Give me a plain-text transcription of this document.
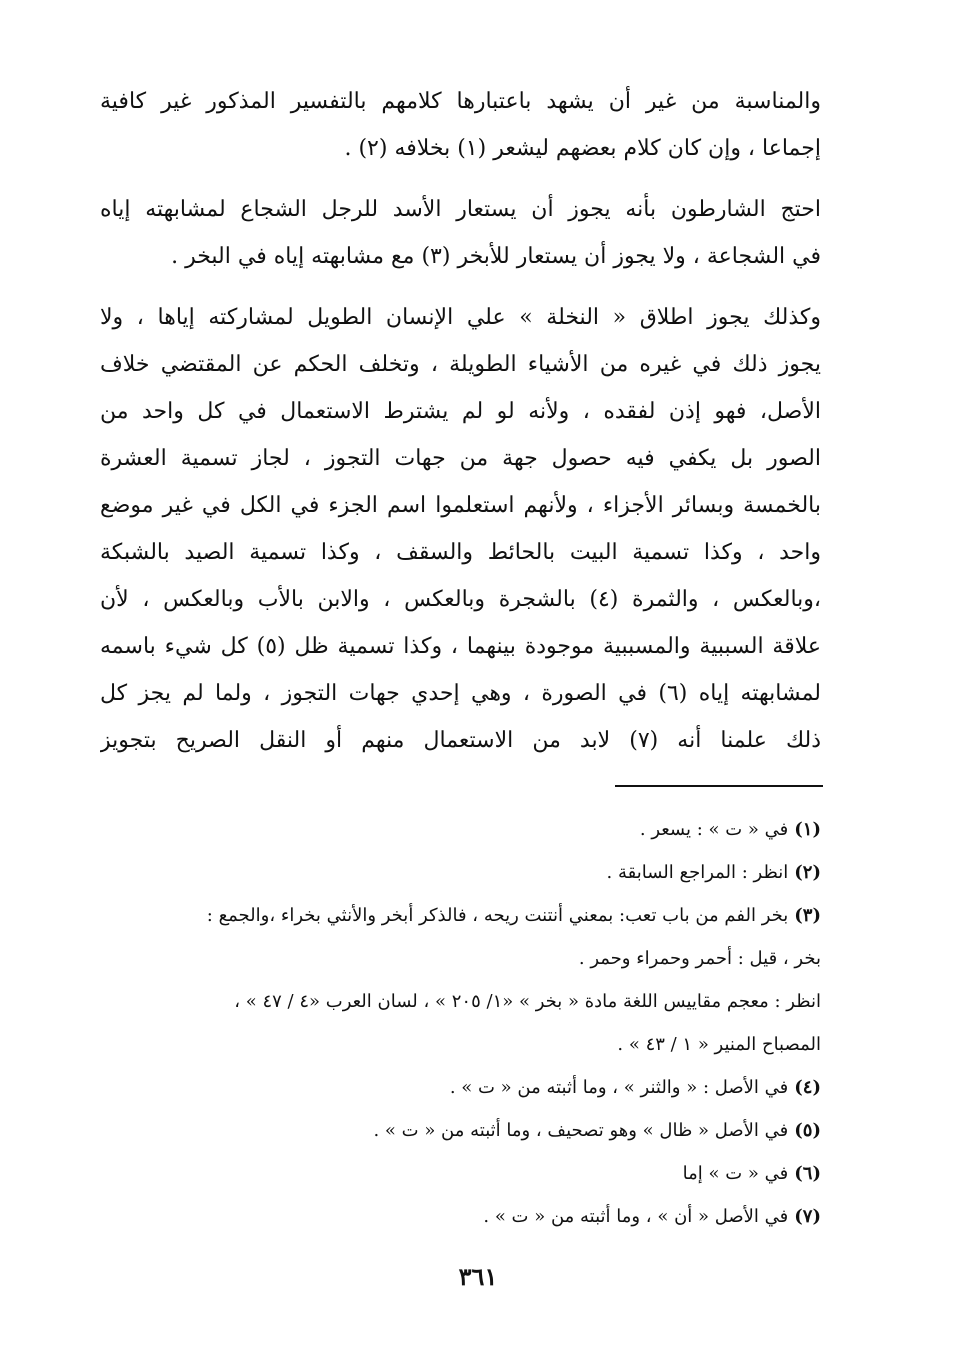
والمناسبة من غير أن يشهد باعتبارها كلامهم بالتفسير المذكور غير كافية
إجماعا ، وإن كان كلام بعضهم ليشعر (١) بخلافه (٢) .
احتج الشارطون بأنه يجوز أن يستعار الأسد للرجل الشجاع لمشابهته إياه
في الشجاعة ، ولا يجوز أن يستعار للأبخر (٣) مع مشابهته إياه في البخر .
وكذلك يجوز اطلاق « النخلة » علي الإنسان الطويل لمشاركته إياها ، ولا
يجوز ذلك في غيره من الأشياء الطويلة ، وتخلف الحكم عن المقتضي خلاف
الأصل، فهو إذن لفقده ، ولأنه لو لم يشترط الاستعمال في كل واحد من
الصور بل يكفي فيه حصول جهة من جهات التجوز ، لجاز تسمية العشرة
بالخمسة وبسائر الأجزاء ، ولأنهم استعلموا اسم الجزء في الكل في غير موضع
واحد ، وكذا تسمية البيت بالحائط والسقف ، وكذا تسمية الصيد بالشبكة
،وبالعكس ، والثمرة (٤) بالشجرة وبالعكس ، والابن بالأب وبالعكس ، لأن
علاقة السببية والمسببية موجودة بينهما ، وكذا تسمية ظل (٥) كل شيء باسمه
لمشابهته إياه (٦) في الصورة ، وهي إحدي جهات التجوز ، ولما لم يجز كل
ذلك علمنا أنه (٧) لابد من الاستعمال منهم أو النقل الصريح بتجويز
(١)في « ت » : يسعر .
(٢)انظر : المراجع السابقة .
(٣)بخر الفم من باب تعب: بمعني أنتنت ريحه ، فالذكر أبخر والأنثي بخراء ،والجمع :
بخر ، قيل : أحمر وحمراء وحمر .
انظر : معجم مقاييس اللغة مادة « بخر » «١/ ٢٠٥ » ، لسان العرب «٤ / ٤٧ » ،
المصباح المنير « ١ / ٤٣ » .
(٤)في الأصل : « والثنر » ، وما أثبته من « ت » .
(٥)في الأصل « ظال » وهو تصحيف ، وما أثبته من « ت » .
(٦)في « ت » إما
(٧)في الأصل « أن » ، وما أثبته من « ت » .
٣٦١
